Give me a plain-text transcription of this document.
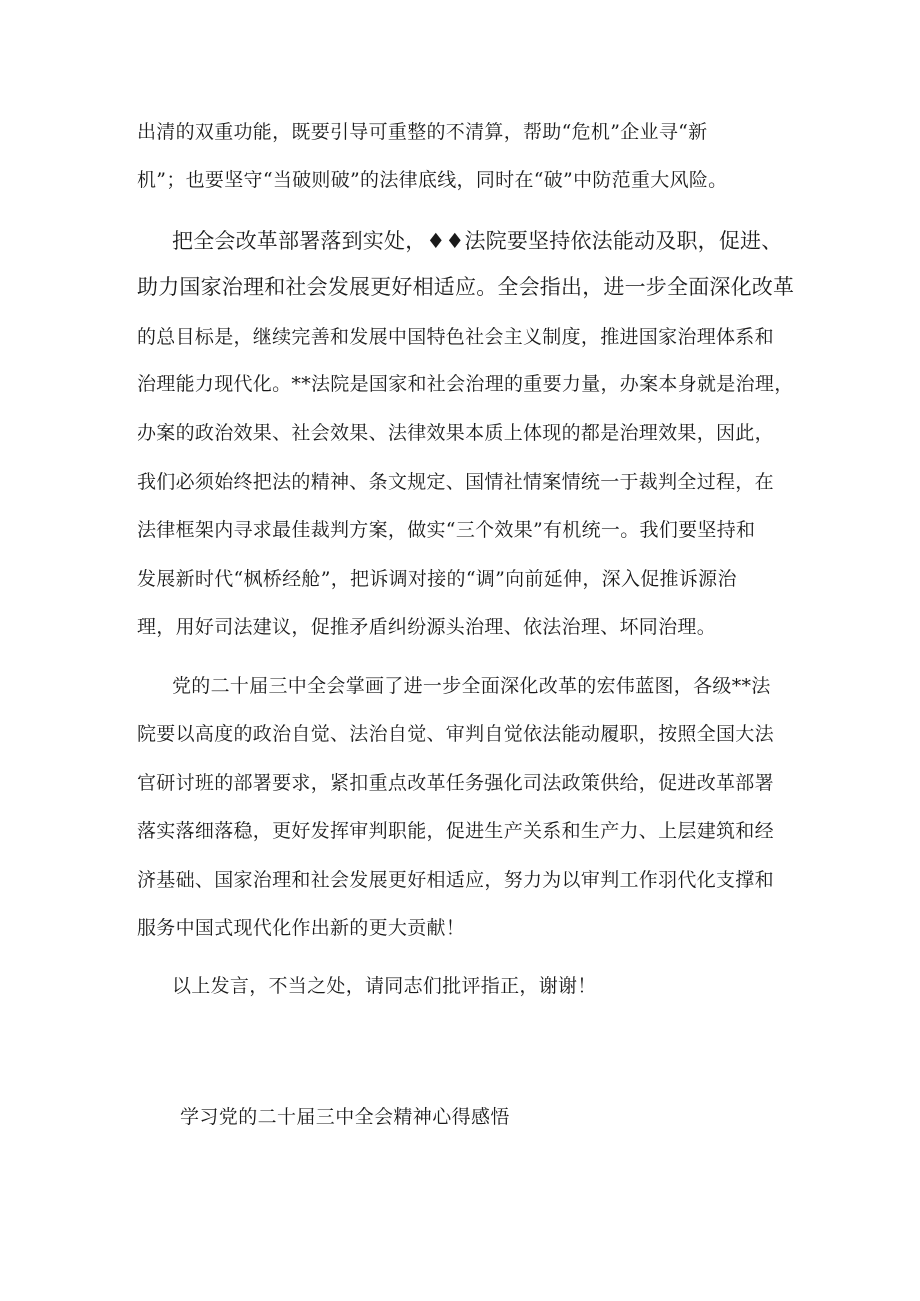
出清的双重功能，既要引导可重整的不清算，帮助“危机”企业寻“新
机”；也要坚守“当破则破”的法律底线，同时在“破”中防范重大风险。
把全会改革部署落到实处，♦♦法院要坚持依法能动及职，促进、
助力国家治理和社会发展更好相适应。全会指出，进一步全面深化改革
的总目标是，继续完善和发展中国特色社会主义制度，推进国家治理体系和
治理能力现代化。**法院是国家和社会治理的重要力量，办案本身就是治理，
办案的政治效果、社会效果、法律效果本质上体现的都是治理效果，因此，
我们必须始终把法的精神、条文规定、国情社情案情统一于裁判全过程，在
法律框架内寻求最佳裁判方案，做实“三个效果”有机统一。我们要坚持和
发展新时代“枫桥经舱”，把诉调对接的“调”向前延伸，深入促推诉源治
理，用好司法建议，促推矛盾纠纷源头治理、依法治理、坏同治理。
党的二十届三中全会掌画了进一步全面深化改革的宏伟蓝图，各级**法
院要以高度的政治自觉、法治自觉、审判自觉依法能动履职，按照全国大法
官研讨班的部署要求，紧扣重点改革任务强化司法政策供给，促进改革部署
落实落细落稳，更好发挥审判职能，促进生产关系和生产力、上层建筑和经
济基础、国家治理和社会发展更好相适应，努力为以审判工作羽代化支撑和
服务中国式现代化作出新的更大贡献！
以上发言，不当之处，请同志们批评指正，谢谢！
学习党的二十届三中全会精神心得感悟
